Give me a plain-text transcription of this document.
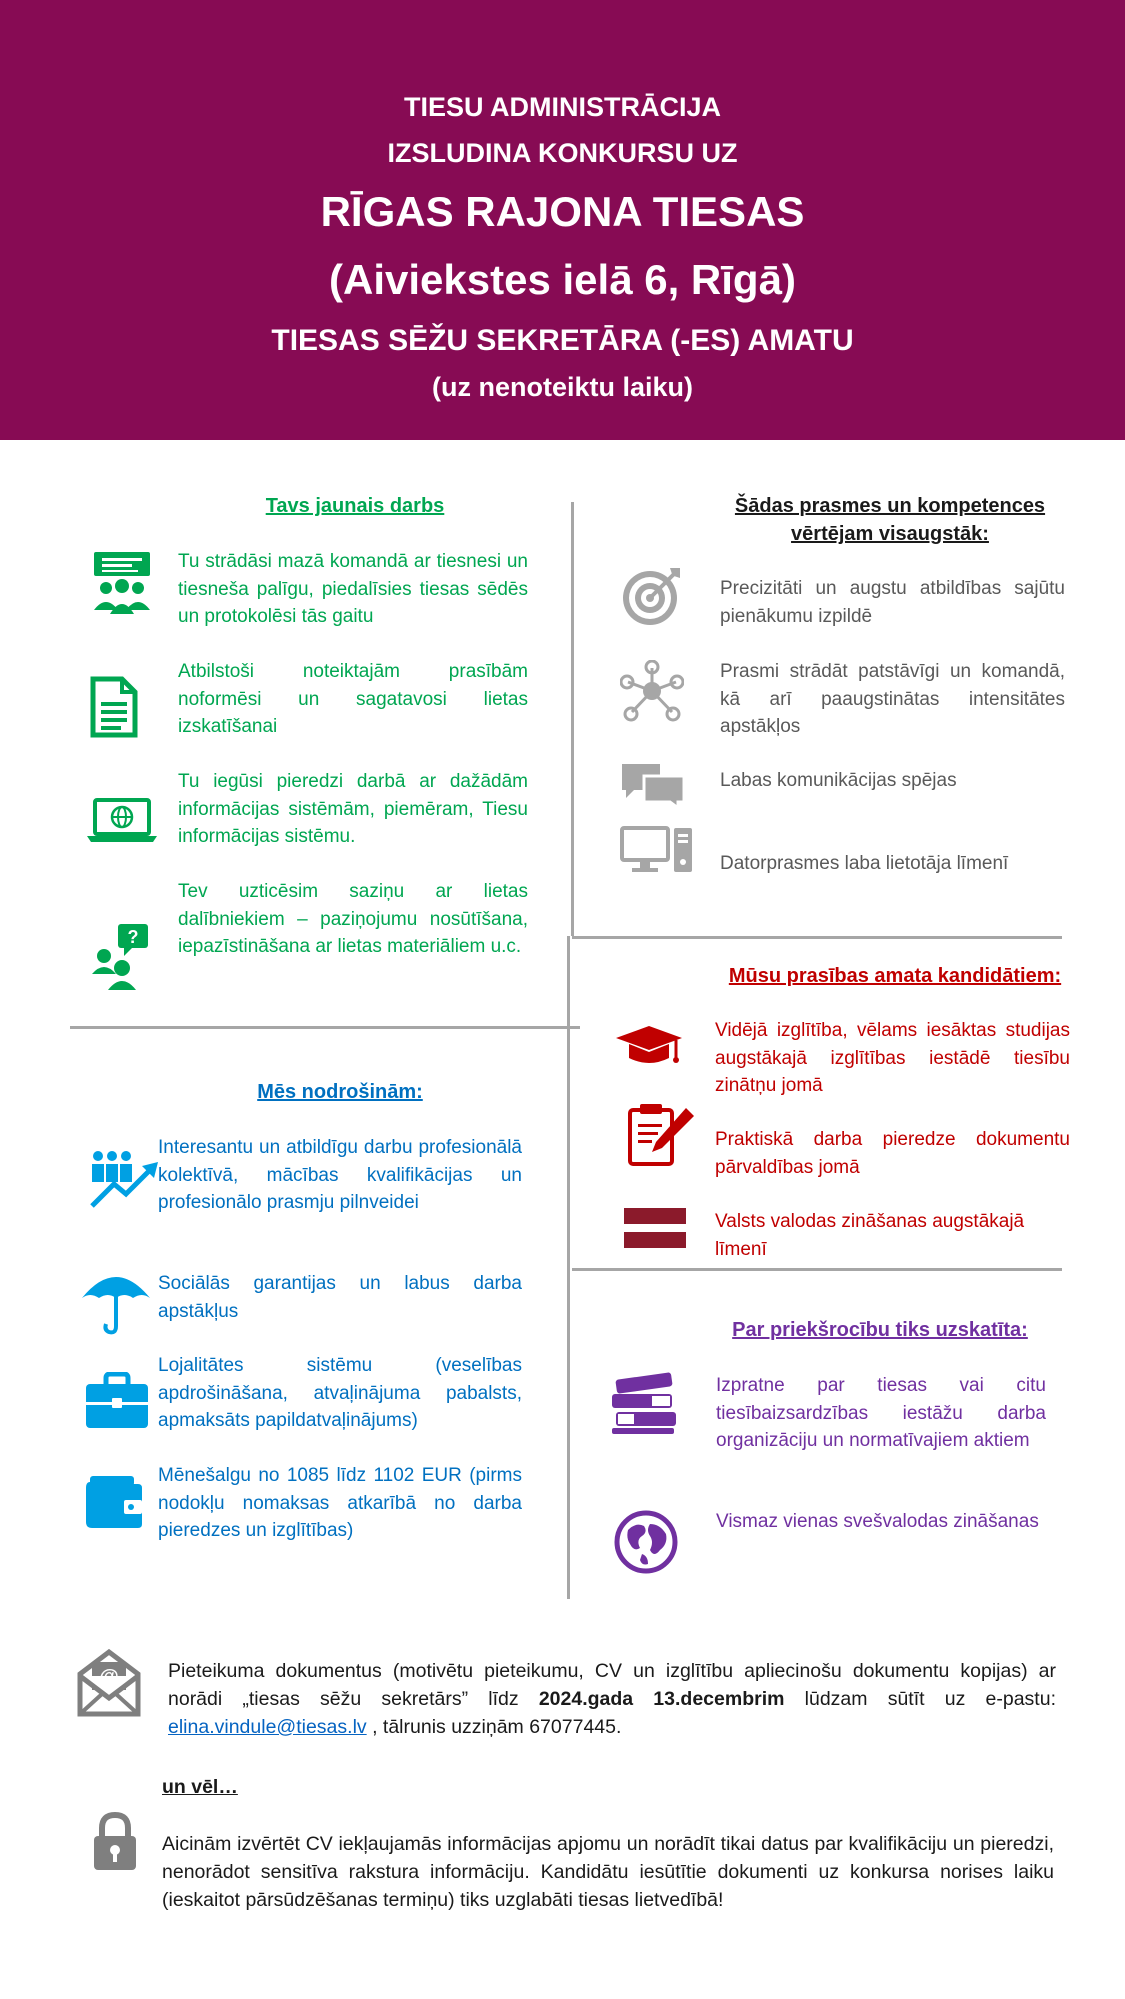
TIESU ADMINISTRĀCIJA
IZSLUDINA KONKURSU UZ
RĪGAS RAJONA TIESAS
(Aiviekstes ielā 6, Rīgā)
TIESAS SĒŽU SEKRETĀRA (-ES) AMATU
(uz nenoteiktu laiku)
Tavs jaunais darbs
Tu strādāsi mazā komandā ar tiesnesi un tiesneša palīgu, piedalīsies tiesas sēdēs un protokolēsi tās gaitu
Atbilstoši noteiktajām prasībām noformēsi un sagatavosi lietas izskatīšanai
Tu iegūsi pieredzi darbā ar dažādām informācijas sistēmām, piemēram, Tiesu informācijas sistēmu.
?
Tev uzticēsim saziņu ar lietas dalībniekiem – paziņojumu nosūtīšana, iepazīstināšana ar lietas materiāliem u.c.
Šādas prasmes un kompetences
vērtējam visaugstāk:
Precizitāti un augstu atbildības sajūtu pienākumu izpildē
Prasmi strādāt patstāvīgi un komandā, kā arī paaugstinātas intensitātes apstākļos
Labas komunikācijas spējas
Datorprasmes laba lietotāja līmenī
Mūsu prasības amata kandidātiem:
Vidējā izglītība, vēlams iesāktas studijas augstākajā izglītības iestādē tiesību zinātņu jomā
Praktiskā darba pieredze dokumentu pārvaldības jomā
Valsts valodas zināšanas augstākajā līmenī
Mēs nodrošinām:
Interesantu un atbildīgu darbu profesionālā kolektīvā, mācības kvalifikācijas un profesionālo prasmju pilnveidei
Sociālās garantijas un labus darba apstākļus
Lojalitātes sistēmu (veselības apdrošināšana, atvaļinājuma pabalsts, apmaksāts papildatvaļinājums)
Mēnešalgu no 1085 līdz 1102 EUR (pirms nodokļu nomaksas atkarībā no darba pieredzes un izglītības)
Par priekšrocību tiks uzskatīta:
Izpratne par tiesas vai citu tiesībaizsardzības iestāžu darba organizāciju un normatīvajiem aktiem
Vismaz vienas svešvalodas zināšanas
Pieteikuma dokumentus (motivētu pieteikumu, CV un izglītību apliecinošu dokumentu kopijas) ar norādi „tiesas sēžu sekretārs” līdz 2024.gada 13.decembrim lūdzam sūtīt uz e-pastu: elina.vindule@tiesas.lv , tālrunis uzziņām 67077445.
un vēl…
Aicinām izvērtēt CV iekļaujamās informācijas apjomu un norādīt tikai datus par kvalifikāciju un pieredzi, nenorādot sensitīva rakstura informāciju. Kandidātu iesūtītie dokumenti uz konkursa norises laiku (ieskaitot pārsūdzēšanas termiņu) tiks uzglabāti tiesas lietvedībā!
